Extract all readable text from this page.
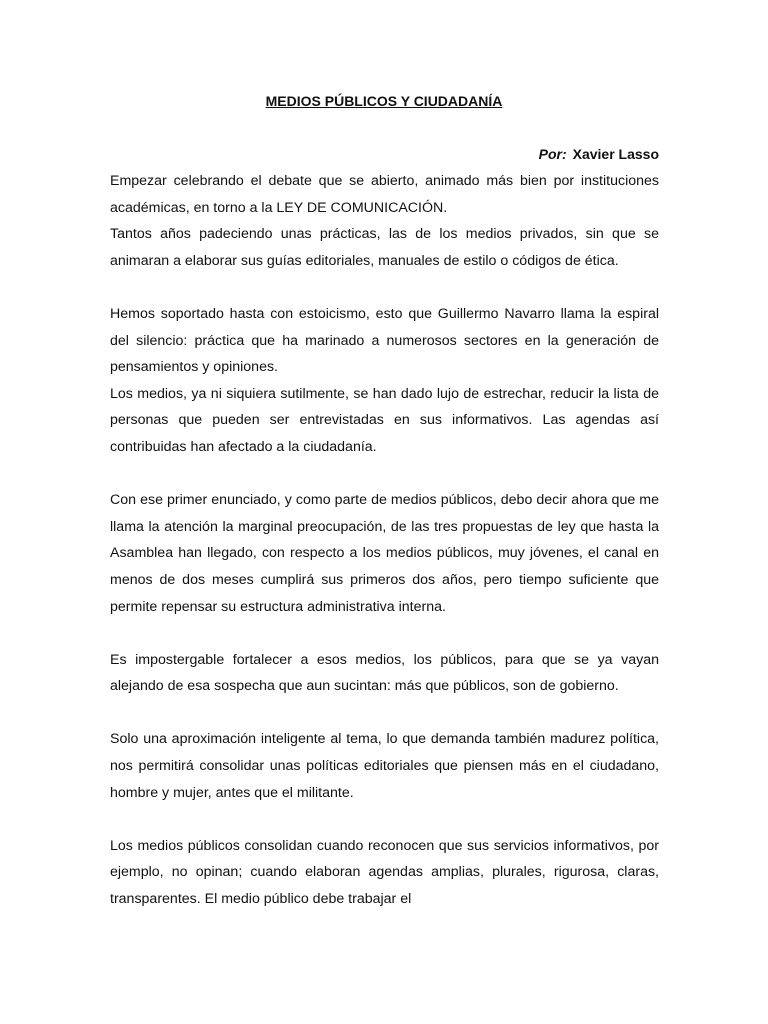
MEDIOS PÚBLICOS Y CIUDADANÍA
Por: Xavier Lasso

Empezar celebrando el debate que se abierto, animado más bien por instituciones académicas, en torno a la LEY DE COMUNICACIÓN.

Tantos años padeciendo unas prácticas, las de los medios privados, sin que se animaran a elaborar sus guías editoriales, manuales de estilo o códigos de ética.

Hemos soportado hasta con estoicismo, esto que Guillermo Navarro llama la espiral del silencio: práctica que ha marinado a numerosos sectores en la generación de pensamientos y opiniones.

Los medios, ya ni siquiera sutilmente, se han dado lujo de estrechar, reducir la lista de personas que pueden ser entrevistadas en sus informativos. Las agendas así contribuidas han afectado a la ciudadanía.

Con ese primer enunciado, y como parte de medios públicos, debo decir ahora que me llama la atención la marginal preocupación, de las tres propuestas de ley que hasta la Asamblea han llegado, con respecto a los medios públicos, muy jóvenes, el canal en menos de dos meses cumplirá sus primeros dos años, pero tiempo suficiente que permite repensar su estructura administrativa interna.

Es impostergable fortalecer a esos medios, los públicos, para que se ya vayan alejando de esa sospecha que aun sucintan: más que públicos, son de gobierno.

Solo una aproximación inteligente al tema, lo que demanda también madurez política, nos permitirá consolidar unas políticas editoriales que piensen más en el ciudadano, hombre y mujer, antes que el militante.

Los medios públicos consolidan cuando reconocen que sus servicios informativos, por ejemplo, no opinan; cuando elaboran agendas amplias, plurales, rigurosa, claras, transparentes. El medio público debe trabajar el
